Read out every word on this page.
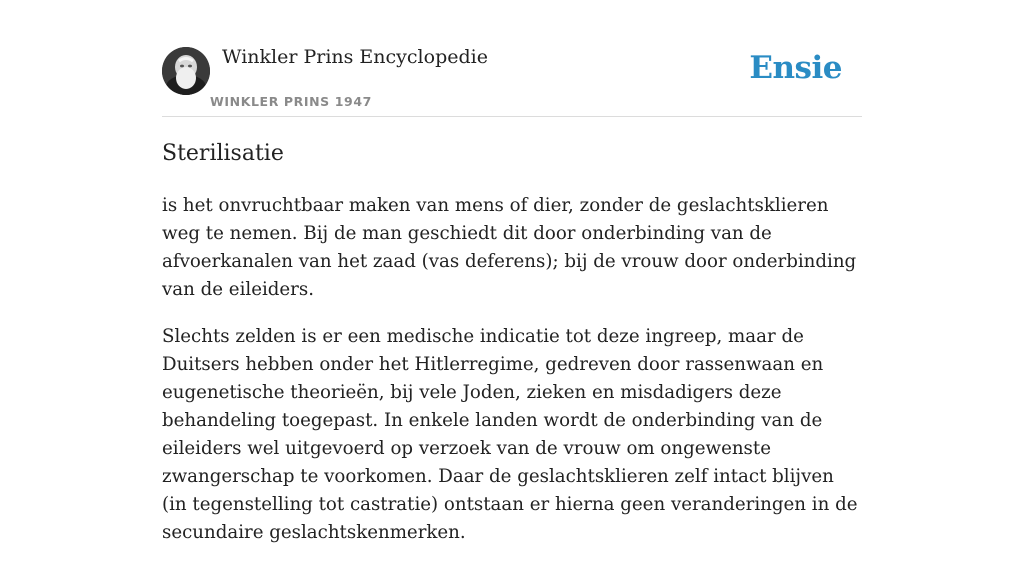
Winkler Prins Encyclopedie
WINKLER PRINS 1947
Ensie
Sterilisatie

is het onvruchtbaar maken van mens of dier, zonder de geslachtsklieren weg te nemen. Bij de man geschiedt dit door onderbinding van de afvoerkanalen van het zaad (vas deferens); bij de vrouw door onderbinding van de eileiders.

Slechts zelden is er een medische indicatie tot deze ingreep, maar de Duitsers hebben onder het Hitlerregime, gedreven door rassenwaan en eugenetische theorieën, bij vele Joden, zieken en misdadigers deze behandeling toegepast. In enkele landen wordt de onderbinding van de eileiders wel uitgevoerd op verzoek van de vrouw om ongewenste zwangerschap te voorkomen. Daar de geslachtsklieren zelf intact blijven (in tegenstelling tot castratie) ontstaan er hierna geen veranderingen in de secundaire geslachtskenmerken.
